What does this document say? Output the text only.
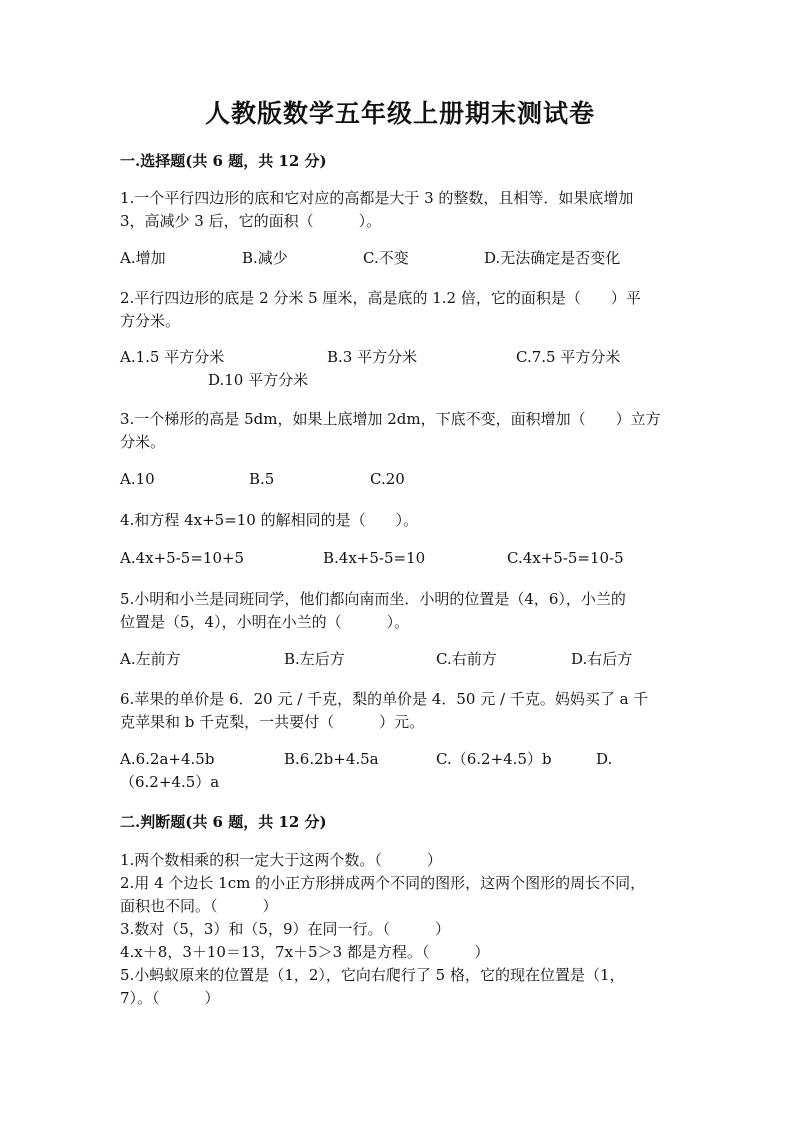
人教版数学五年级上册期末测试卷
一.选择题(共 6 题，共 12 分)
1.一个平行四边形的底和它对应的高都是大于 3 的整数，且相等．如果底增加
3，高减少 3 后，它的面积（　　　）。
A.增加	B.减少	C.不变	D.无法确定是否变化
2.平行四边形的底是 2 分米 5 厘米，高是底的 1.2 倍，它的面积是（　　）平
方分米。
A.1.5 平方分米	B.3 平方分米	C.7.5 平方分米
D.10 平方分米
3.一个梯形的高是 5dm，如果上底增加 2dm，下底不变，面积增加（　　）立方
分米。
A.10	B.5	C.20
4.和方程 4x+5=10 的解相同的是（　　）。
A.4x+5-5=10+5	B.4x+5-5=10	C.4x+5-5=10-5
5.小明和小兰是同班同学，他们都向南而坐．小明的位置是（4，6），小兰的
位置是（5，4），小明在小兰的（　　　）。
A.左前方	B.左后方	C.右前方	D.右后方
6.苹果的单价是 6．20 元 / 千克，梨的单价是 4．50 元 / 千克。妈妈买了 a 千
克苹果和 b 千克梨，一共要付（　　　）元。
A.6.2a+4.5b	B.6.2b+4.5a	C.（6.2+4.5）b	D.
（6.2+4.5）a
二.判断题(共 6 题，共 12 分)
1.两个数相乘的积一定大于这两个数。（　　　）
2.用 4 个边长 1cm 的小正方形拼成两个不同的图形，这两个图形的周长不同，
面积也不同。（　　　）
3.数对（5，3）和（5，9）在同一行。（　　　）
4.x＋8，3＋10＝13，7x＋5＞3 都是方程。（　　　）
5.小蚂蚁原来的位置是（1，2），它向右爬行了 5 格，它的现在位置是（1，
7）。（　　　）
